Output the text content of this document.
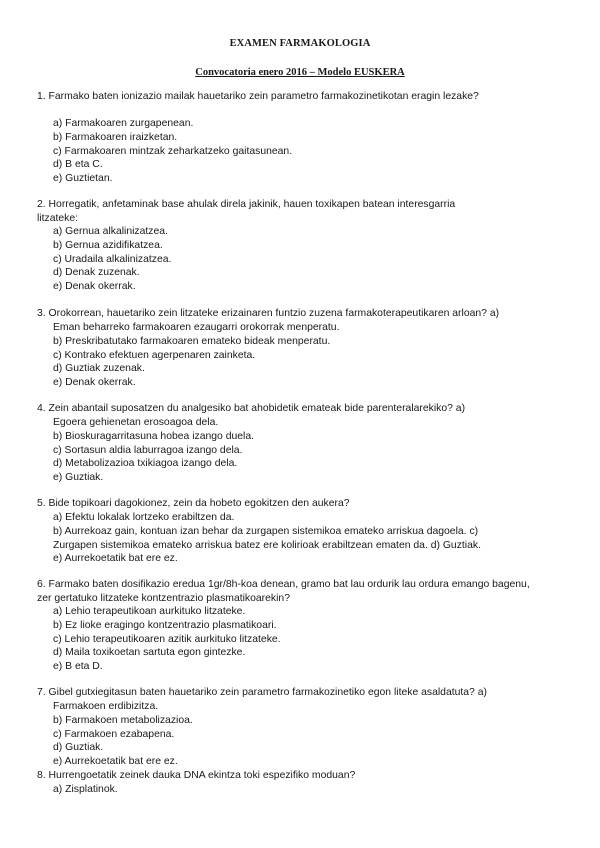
EXAMEN FARMAKOLOGIA
Convocatoria enero 2016 – Modelo EUSKERA
1. Farmako baten ionizazio mailak hauetariko zein parametro farmakozinetikotan eragin lezake?
a) Farmakoaren zurgapenean.
b) Farmakoaren iraizketan.
c) Farmakoaren mintzak zeharkatzeko gaitasunean.
d) B eta C.
e) Guztietan.
2. Horregatik, anfetaminak base ahulak direla jakinik, hauen toxikapen batean interesgarria
litzateke:
a) Gernua alkalinizatzea.
b) Gernua azidifikatzea.
c) Uradaila alkalinizatzea.
d) Denak zuzenak.
e) Denak okerrak.
3. Orokorrean, hauetariko zein litzateke erizainaren funtzio zuzena farmakoterapeutikaren arloan? a)
Eman beharreko farmakoaren ezaugarri orokorrak menperatu.
b) Preskribatutako farmakoaren emateko bideak menperatu.
c) Kontrako efektuen agerpenaren zainketa.
d) Guztiak zuzenak.
e) Denak okerrak.
4. Zein abantail suposatzen du analgesiko bat ahobidetik emateak bide parenteralarekiko? a)
Egoera gehienetan erosoagoa dela.
b) Bioskuragarritasuna hobea izango duela.
c) Sortasun aldia laburragoa izango dela.
d) Metabolizazioa txikiagoa izango dela.
e) Guztiak.
5. Bide topikoari dagokionez, zein da hobeto egokitzen den aukera?
a) Efektu lokalak lortzeko erabiltzen da.
b) Aurrekoaz gain, kontuan izan behar da zurgapen sistemikoa emateko arriskua dagoela. c)
Zurgapen sistemikoa emateko arriskua batez ere kolirioak erabiltzean ematen da. d) Guztiak.
e) Aurrekoetatik bat ere ez.
6. Farmako baten dosifikazio eredua 1gr/8h-koa denean, gramo bat lau ordurik lau ordura emango bagenu,
zer gertatuko litzateke kontzentrazio plasmatikoarekin?
a) Lehio terapeutikoan aurkituko litzateke.
b) Ez lioke eragingo kontzentrazio plasmatikoari.
c) Lehio terapeutikoaren azitik aurkituko litzateke.
d) Maila toxikoetan sartuta egon gintezke.
e) B eta D.
7. Gibel gutxiegitasun baten hauetariko zein parametro farmakozinetiko egon liteke asaldatuta? a)
Farmakoen erdibizitza.
b) Farmakoen metabolizazioa.
c) Farmakoen ezabapena.
d) Guztiak.
e) Aurrekoetatik bat ere ez.
8. Hurrengoetatik zeinek dauka DNA ekintza toki espezifiko moduan?
a) Zisplatinok.
